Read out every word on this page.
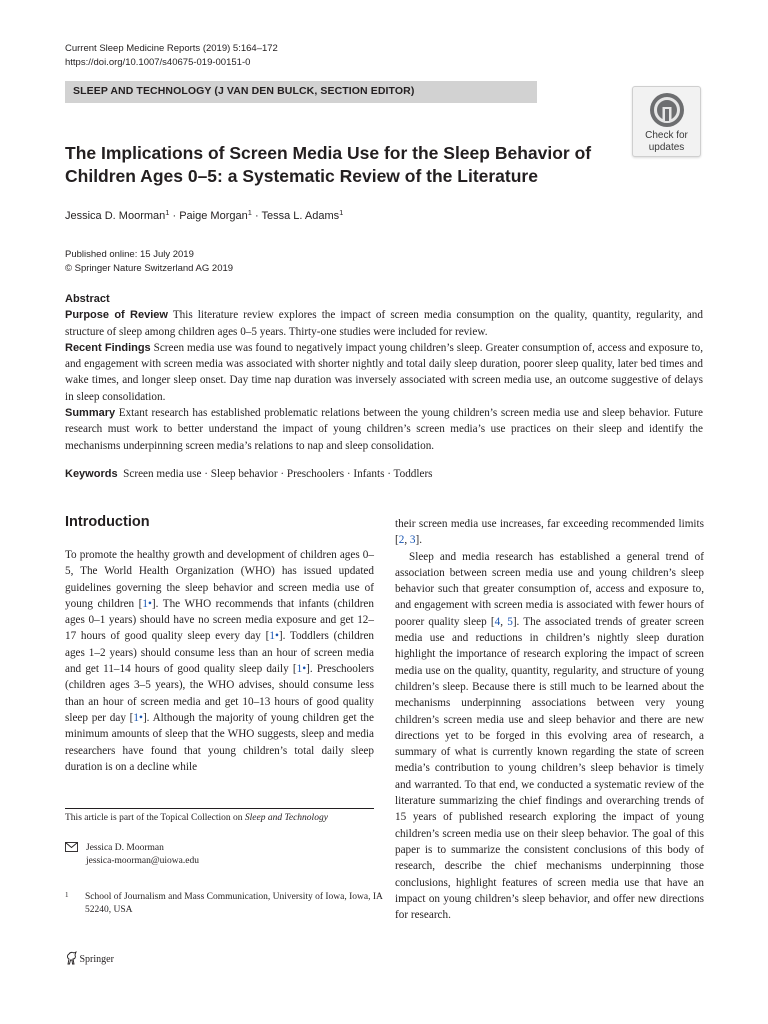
Current Sleep Medicine Reports (2019) 5:164–172
https://doi.org/10.1007/s40675-019-00151-0
SLEEP AND TECHNOLOGY (J VAN DEN BULCK, SECTION EDITOR)
Check for
updates
The Implications of Screen Media Use for the Sleep Behavior of Children Ages 0–5: a Systematic Review of the Literature
Jessica D. Moorman$^1$ · Paige Morgan$^1$ · Tessa L. Adams$^1$
Published online: 15 July 2019
© Springer Nature Switzerland AG 2019
Abstract

Purpose of Review This literature review explores the impact of screen media consumption on the quality, quantity, regularity, and structure of sleep among children ages 0–5 years. Thirty-one studies were included for review.

Recent Findings Screen media use was found to negatively impact young children’s sleep. Greater consumption of, access and exposure to, and engagement with screen media was associated with shorter nightly and total daily sleep duration, poorer sleep quality, later bed times and wake times, and longer sleep onset. Day time nap duration was inversely associated with screen media use, an outcome suggestive of delays in sleep consolidation.

Summary Extant research has established problematic relations between the young children’s screen media use and sleep behavior. Future research must work to better understand the impact of young children’s screen media’s use practices on their sleep and identify the mechanisms underpinning screen media’s relations to nap and sleep consolidation.

Keywords Screen media use · Sleep behavior · Preschoolers · Infants · Toddlers
Introduction

To promote the healthy growth and development of children ages 0–5, The World Health Organization (WHO) has issued updated guidelines governing the sleep behavior and screen media use of young children [1•]. The WHO recommends that infants (children ages 0–1 years) should have no screen media exposure and get 12–17 hours of good quality sleep every day [1•]. Toddlers (children ages 1–2 years) should consume less than an hour of screen media and get 11–14 hours of good quality sleep daily [1•]. Preschoolers (children ages 3–5 years), the WHO advises, should consume less than an hour of screen media and get 10–13 hours of good quality sleep per day [1•]. Although the majority of young children get the minimum amounts of sleep that the WHO suggests, sleep and media researchers have found that young children’s total daily sleep duration is on a decline while

their screen media use increases, far exceeding recommended limits [2, 3].

Sleep and media research has established a general trend of association between screen media use and young children’s sleep behavior such that greater consumption of, access and exposure to, and engagement with screen media is associated with fewer hours of poorer quality sleep [4, 5]. The associated trends of greater screen media use and reductions in children’s nightly sleep duration highlight the importance of research exploring the impact of screen media use on the quality, quantity, regularity, and structure of young children’s sleep. Because there is still much to be learned about the mechanisms underpinning associations between very young children’s screen media use and sleep behavior and there are new directions yet to be forged in this evolving area of research, a summary of what is currently known regarding the state of screen media’s contribution to young children’s sleep behavior is timely and warranted. To that end, we conducted a systematic review of the literature summarizing the chief findings and overarching trends of 15 years of published research exploring the impact of young children’s screen media use on their sleep behavior. The goal of this paper is to summarize the consistent conclusions of this body of research, describe the chief mechanisms underpinning those conclusions, highlight features of screen media use that have an impact on young children’s sleep behavior, and offer new directions for research.

This article is part of the Topical Collection on Sleep and Technology
Jessica D. Moorman
jessica-moorman@uiowa.edu
1 School of Journalism and Mass Communication, University of Iowa, Iowa, IA 52240, USA
Springer
